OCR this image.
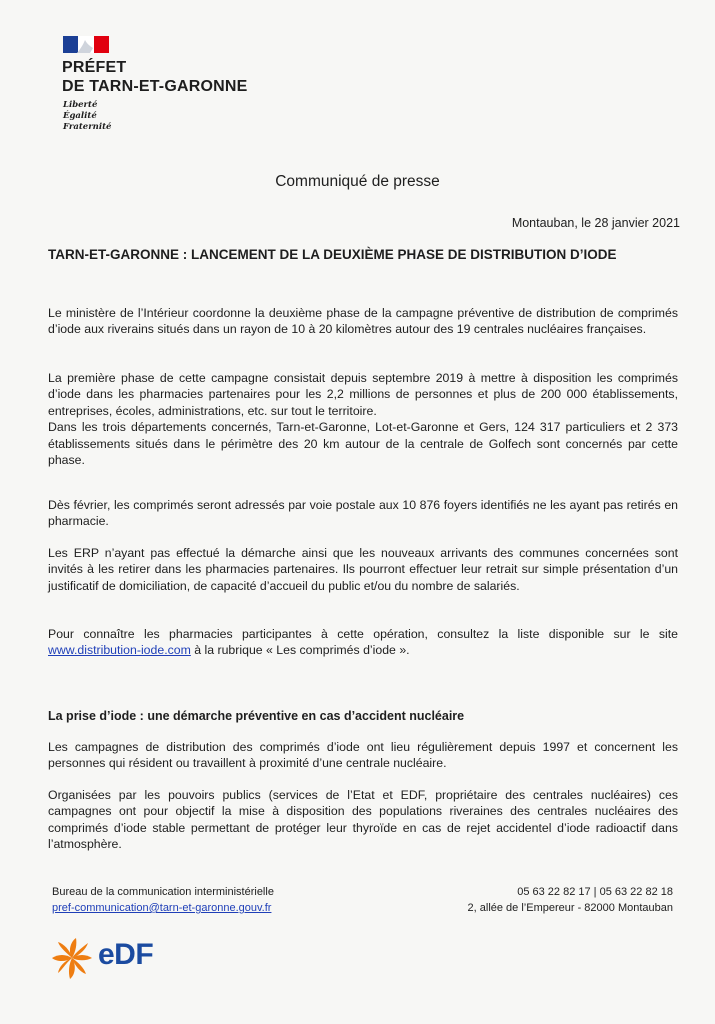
PRÉFET
DE TARN-ET-GARONNE
Liberté
Égalité
Fraternité
Communiqué de presse
Montauban, le 28 janvier 2021
TARN-ET-GARONNE : LANCEMENT DE LA DEUXIÈME PHASE DE DISTRIBUTION D’IODE

Le ministère de l’Intérieur coordonne la deuxième phase de la campagne préventive de distribution de comprimés d’iode aux riverains situés dans un rayon de 10 à 20 kilomètres autour des 19 centrales nucléaires françaises.

La première phase de cette campagne consistait depuis septembre 2019 à mettre à disposition les comprimés d’iode dans les pharmacies partenaires pour les 2,2 millions de personnes et plus de 200 000 établissements, entreprises, écoles, administrations, etc. sur tout le territoire.

Dans les trois départements concernés, Tarn-et-Garonne, Lot-et-Garonne et Gers, 124 317 particuliers et 2 373 établissements situés dans le périmètre des 20 km autour de la centrale de Golfech sont concernés par cette phase.

Dès février, les comprimés seront adressés par voie postale aux 10 876 foyers identifiés ne les ayant pas retirés en pharmacie.

Les ERP n’ayant pas effectué la démarche ainsi que les nouveaux arrivants des communes concernées sont invités à les retirer dans les pharmacies partenaires. Ils pourront effectuer leur retrait sur simple présentation d’un justificatif de domiciliation, de capacité d’accueil du public et/ou du nombre de salariés.

Pour connaître les pharmacies participantes à cette opération, consultez la liste disponible sur le site www.distribution-iode.com à la rubrique « Les comprimés d’iode ».

La prise d’iode : une démarche préventive en cas d’accident nucléaire

Les campagnes de distribution des comprimés d’iode ont lieu régulièrement depuis 1997 et concernent les personnes qui résident ou travaillent à proximité d’une centrale nucléaire.

Organisées par les pouvoirs publics (services de l’Etat et EDF, propriétaire des centrales nucléaires) ces campagnes ont pour objectif la mise à disposition des populations riveraines des centrales nucléaires des comprimés d’iode stable permettant de protéger leur thyroïde en cas de rejet accidentel d’iode radioactif dans l’atmosphère.

Bureau de la communication interministérielle
pref-communication@tarn-et-garonne.gouv.fr
05 63 22 82 17 | 05 63 22 82 18
2, allée de l’Empereur - 82000 Montauban
eDF
